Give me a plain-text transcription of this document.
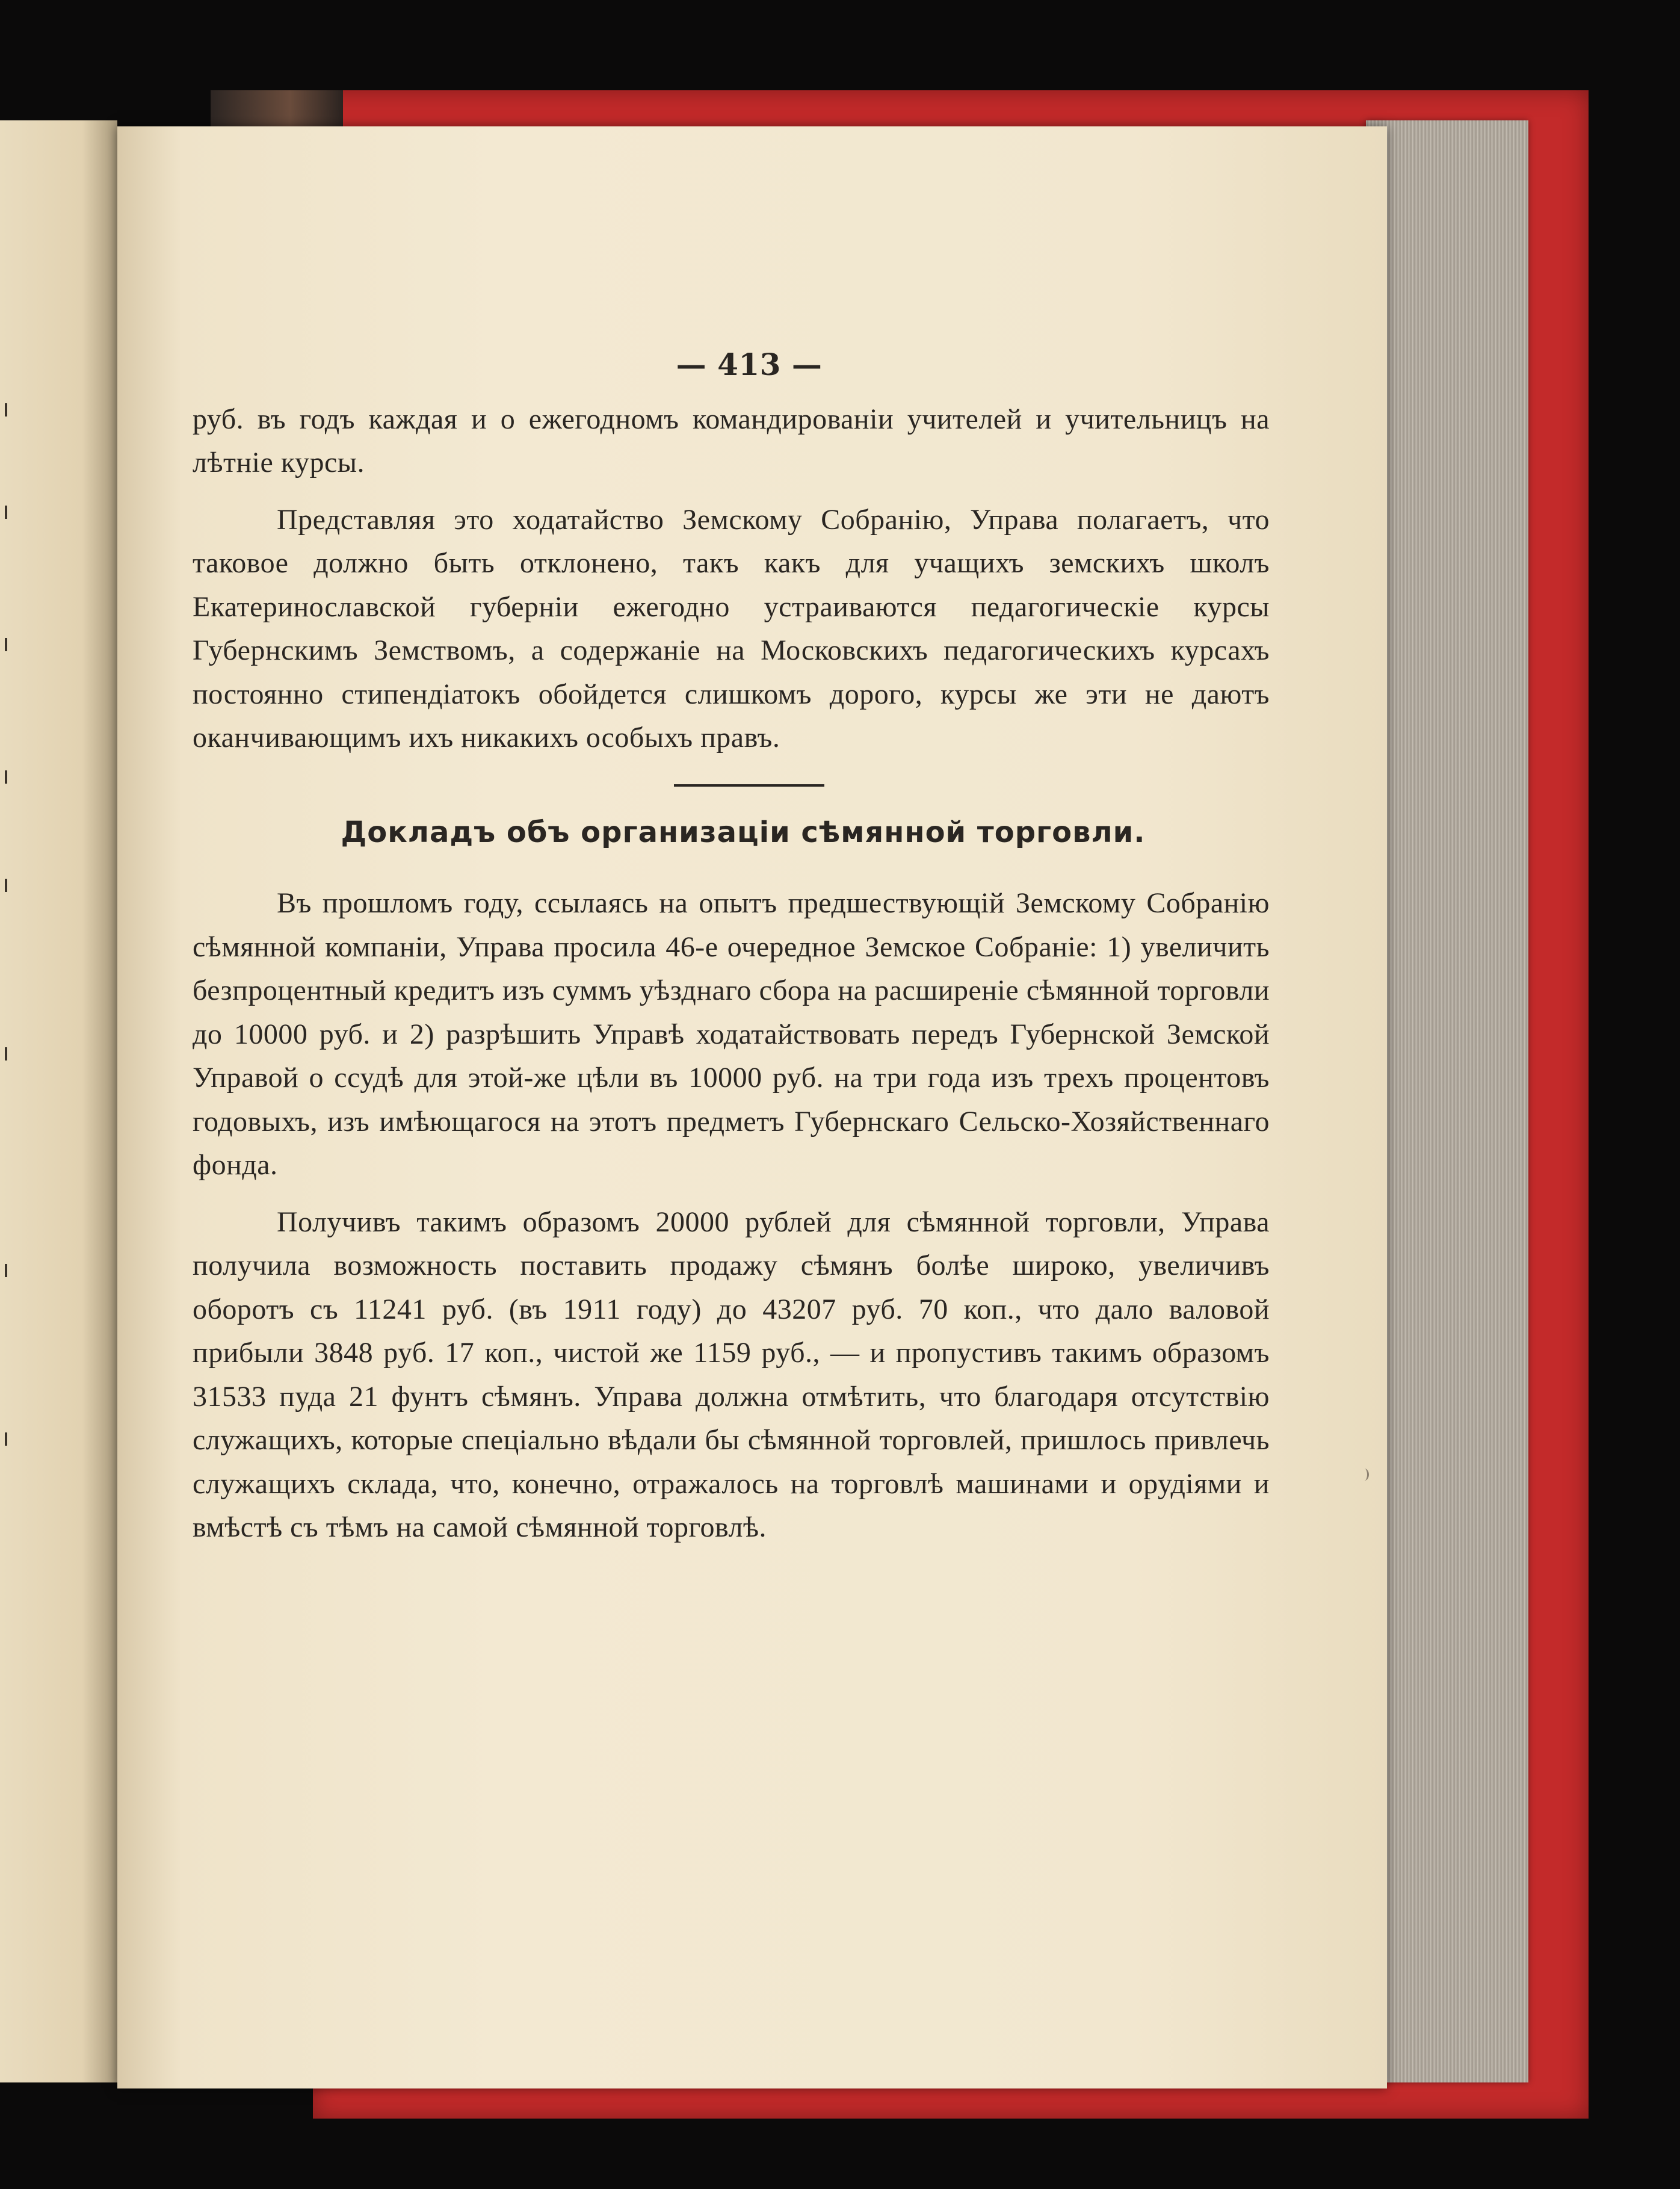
— 413 —

руб. въ годъ каждая и о ежегодномъ командированіи учителей и учительницъ на лѣтніе курсы.

Представляя это ходатайство Земскому Собранію, Управа полагаетъ, что таковое должно быть отклонено, такъ какъ для учащихъ земскихъ школъ Екатеринославской губерніи ежегодно устраиваются педагогическіе курсы Губернскимъ Земствомъ, а содержаніе на Московскихъ педагогическихъ курсахъ постоянно стипендіатокъ обойдется слишкомъ дорого, курсы же эти не даютъ оканчивающимъ ихъ никакихъ особыхъ правъ.

Докладъ объ организаціи сѣмянной торговли.

Въ прошломъ году, ссылаясь на опытъ предшествующій Земскому Собранію сѣмянной компаніи, Управа просила 46-е очередное Земское Собраніе: 1) увеличить безпроцентный кредитъ изъ суммъ уѣзднаго сбора на расширеніе сѣмянной торговли до 10000 руб. и 2) разрѣшить Управѣ ходатайствовать передъ Губернской Земской Управой о ссудѣ для этой-же цѣли въ 10000 руб. на три года изъ трехъ процентовъ годовыхъ, изъ имѣющагося на этотъ предметъ Губернскаго Сельско-Хозяйственнаго фонда.

Получивъ такимъ образомъ 20000 рублей для сѣмянной торговли, Управа получила возможность поставить продажу сѣмянъ болѣе широко, увеличивъ оборотъ съ 11241 руб. (въ 1911 году) до 43207 руб. 70 коп., что дало валовой прибыли 3848 руб. 17 коп., чистой же 1159 руб., — и пропустивъ такимъ образомъ 31533 пуда 21 фунтъ сѣмянъ. Управа должна отмѣтить, что благодаря отсутствію служащихъ, которые спеціально вѣдали бы сѣмянной торговлей, пришлось привлечь служащихъ склада, что, конечно, отражалось на торговлѣ машинами и орудіями и вмѣстѣ съ тѣмъ на самой сѣмянной торговлѣ.
